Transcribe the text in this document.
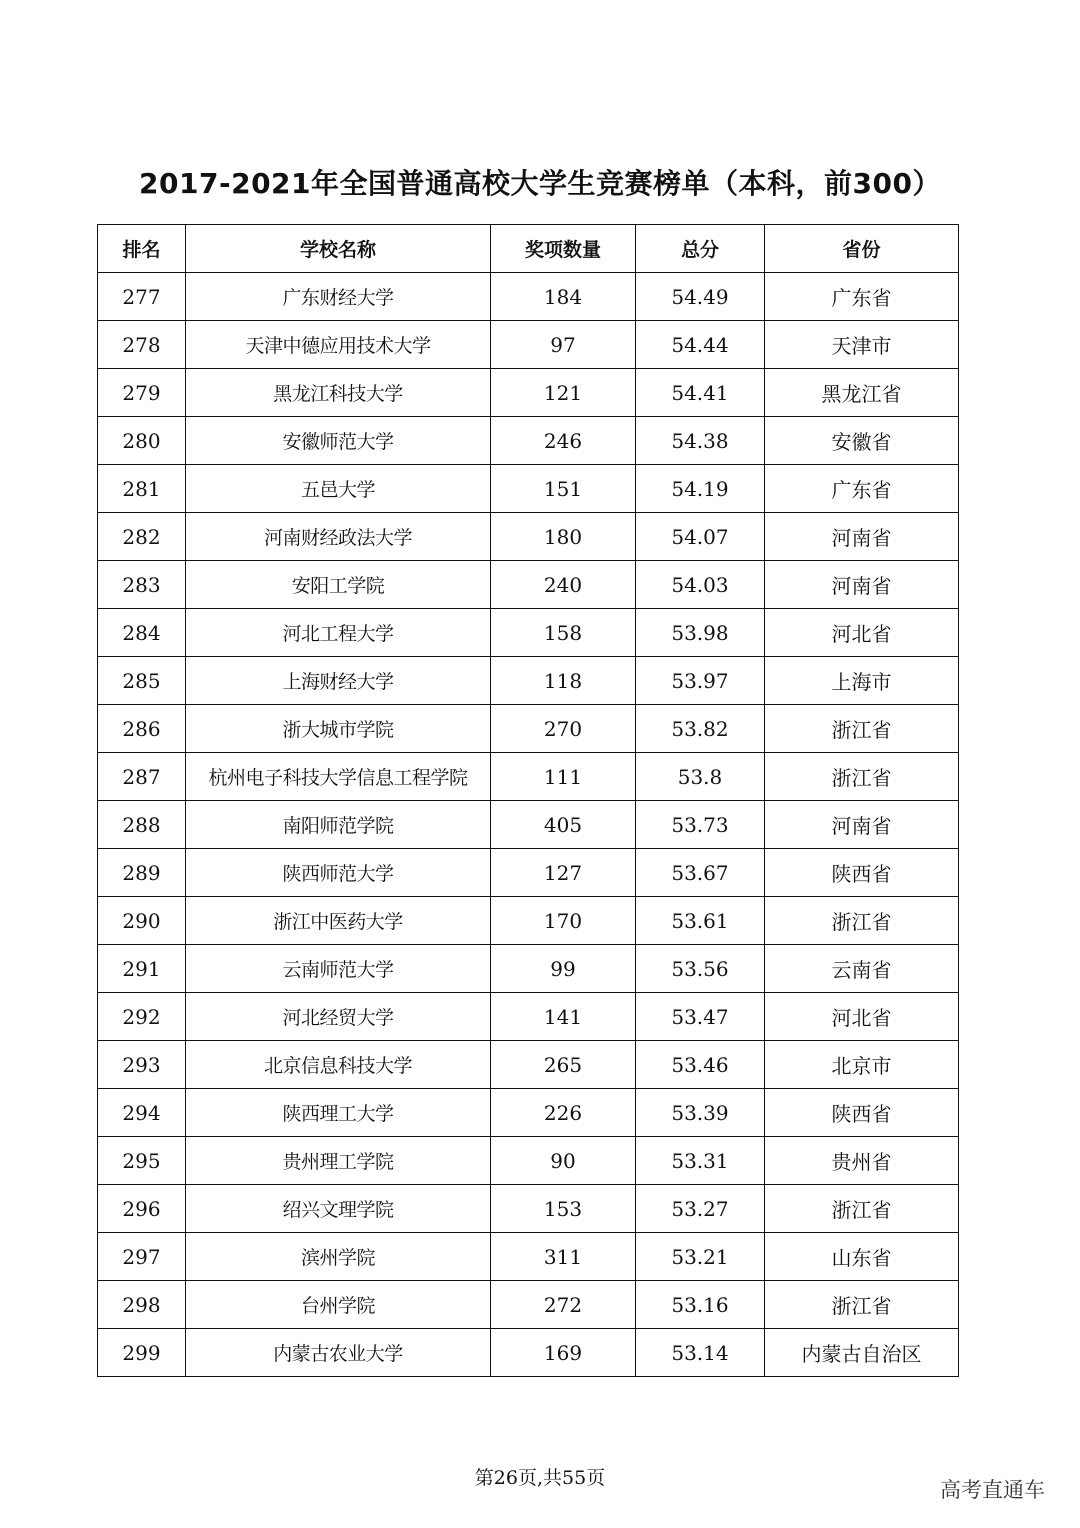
2017-2021年全国普通高校大学生竞赛榜单（本科，前300）
排名	学校名称	奖项数量	总分	省份
277	广东财经大学	184	54.49	广东省
278	天津中德应用技术大学	97	54.44	天津市
279	黑龙江科技大学	121	54.41	黑龙江省
280	安徽师范大学	246	54.38	安徽省
281	五邑大学	151	54.19	广东省
282	河南财经政法大学	180	54.07	河南省
283	安阳工学院	240	54.03	河南省
284	河北工程大学	158	53.98	河北省
285	上海财经大学	118	53.97	上海市
286	浙大城市学院	270	53.82	浙江省
287	杭州电子科技大学信息工程学院	111	53.8	浙江省
288	南阳师范学院	405	53.73	河南省
289	陕西师范大学	127	53.67	陕西省
290	浙江中医药大学	170	53.61	浙江省
291	云南师范大学	99	53.56	云南省
292	河北经贸大学	141	53.47	河北省
293	北京信息科技大学	265	53.46	北京市
294	陕西理工大学	226	53.39	陕西省
295	贵州理工学院	90	53.31	贵州省
296	绍兴文理学院	153	53.27	浙江省
297	滨州学院	311	53.21	山东省
298	台州学院	272	53.16	浙江省
299	内蒙古农业大学	169	53.14	内蒙古自治区
第26页,共55页	高考直通车
